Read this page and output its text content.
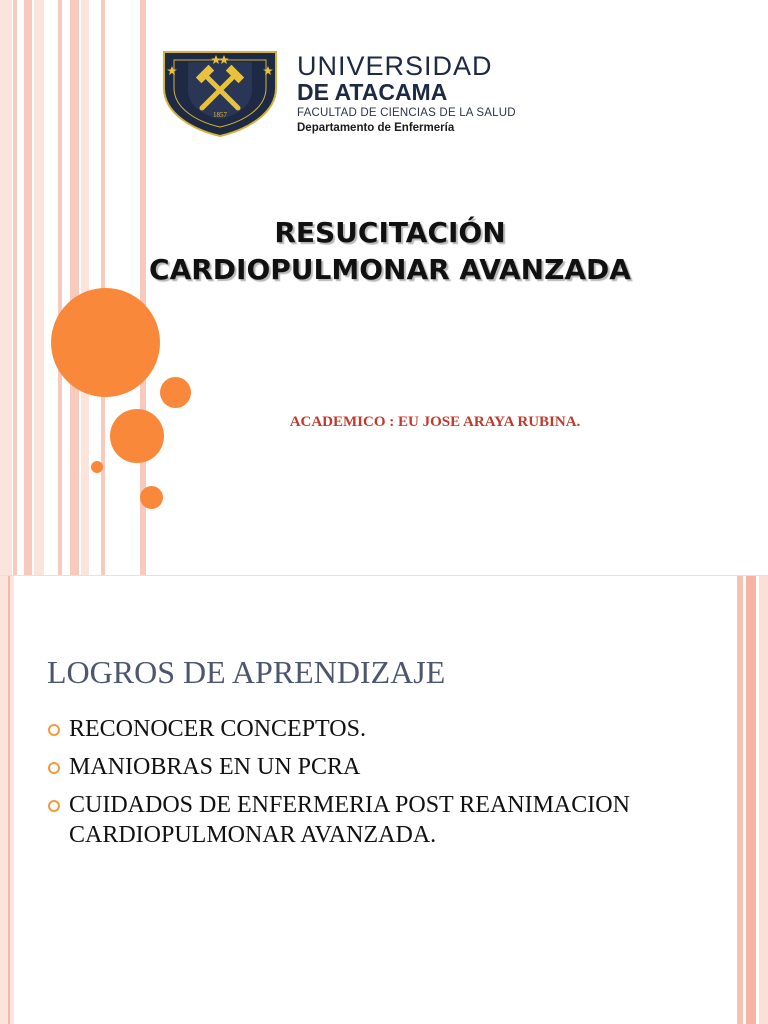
1857
UNIVERSIDAD
DE ATACAMA
FACULTAD DE CIENCIAS DE LA SALUD
Departamento de Enfermería
RESUCITACIÓN
CARDIOPULMONAR AVANZADA
ACADEMICO : EU JOSE ARAYA RUBINA.
LOGROS DE APRENDIZAJE
RECONOCER CONCEPTOS.
MANIOBRAS EN UN PCRA
CUIDADOS DE ENFERMERIA POST REANIMACION CARDIOPULMONAR AVANZADA.
